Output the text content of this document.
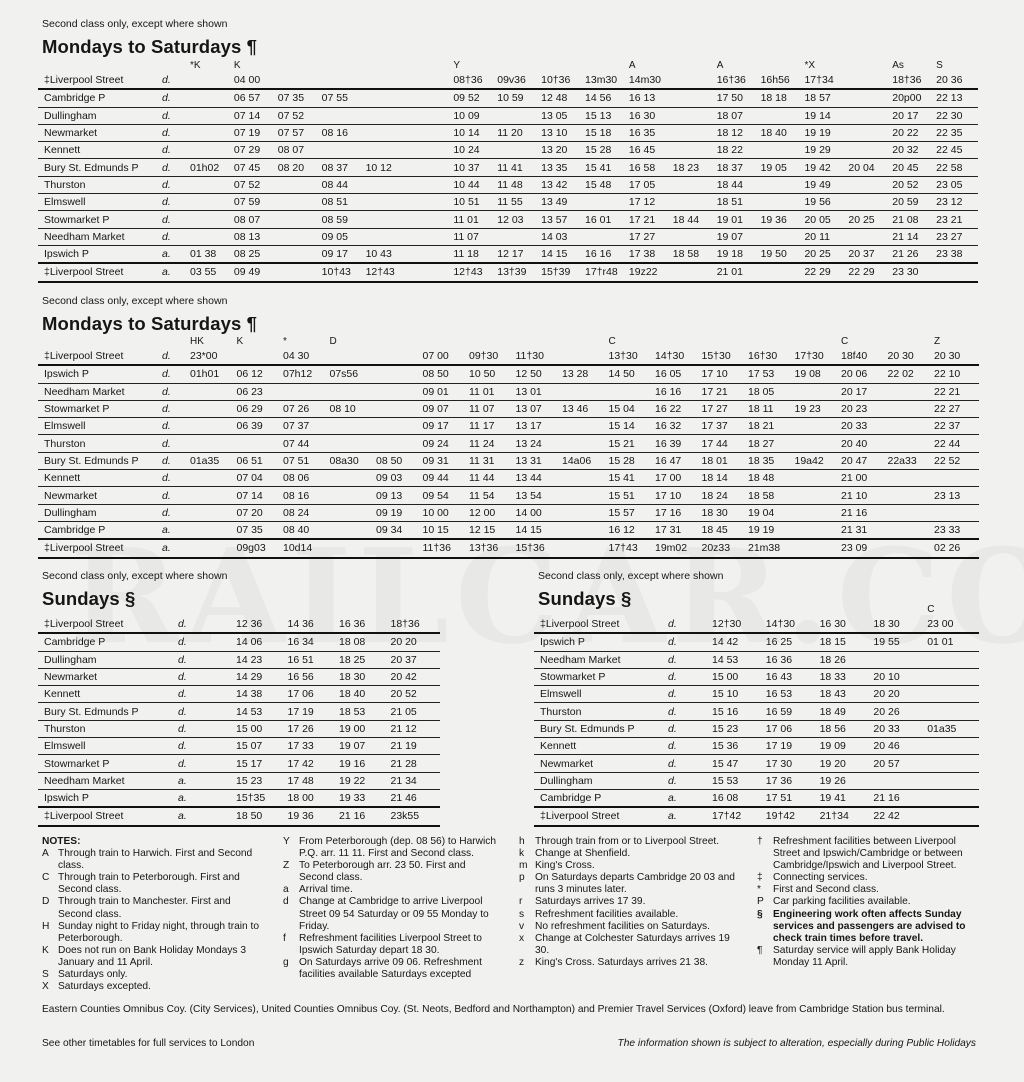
Second class only, except where shown
Mondays to Saturdays ¶
		*K	K					Y				A		A		*X		As	S
‡Liverpool Street	d.		04 00					08†36	09v36	10†36	13m30	14m30		16†36	16h56	17†34		18†36	20 36
Cambridge P	d.		06 57	07 35	07 55			09 52	10 59	12 48	14 56	16 13		17 50	18 18	18 57		20p00	22 13
Dullingham	d.		07 14	07 52				10 09		13 05	15 13	16 30		18 07		19 14		20 17	22 30
Newmarket	d.		07 19	07 57	08 16			10 14	11 20	13 10	15 18	16 35		18 12	18 40	19 19		20 22	22 35
Kennett	d.		07 29	08 07				10 24		13 20	15 28	16 45		18 22		19 29		20 32	22 45
Bury St. Edmunds P	d.	01h02	07 45	08 20	08 37	10 12		10 37	11 41	13 35	15 41	16 58	18 23	18 37	19 05	19 42	20 04	20 45	22 58
Thurston	d.		07 52		08 44			10 44	11 48	13 42	15 48	17 05		18 44		19 49		20 52	23 05
Elmswell	d.		07 59		08 51			10 51	11 55	13 49		17 12		18 51		19 56		20 59	23 12
Stowmarket P	d.		08 07		08 59			11 01	12 03	13 57	16 01	17 21	18 44	19 01	19 36	20 05	20 25	21 08	23 21
Needham Market	d.		08 13		09 05			11 07		14 03		17 27		19 07		20 11		21 14	23 27
Ipswich P	a.	01 38	08 25		09 17	10 43		11 18	12 17	14 15	16 16	17 38	18 58	19 18	19 50	20 25	20 37	21 26	23 38
‡Liverpool Street	a.	03 55	09 49		10†43	12†43		12†43	13†39	15†39	17†r48	19z22		21 01		22 29	22 29	23 30	
Second class only, except where shown
Mondays to Saturdays ¶
		HK	K	*	D						C					C		Z
‡Liverpool Street	d.	23*00		04 30			07 00	09†30	11†30		13†30	14†30	15†30	16†30	17†30	18f40	20 30	20 30
Ipswich P	d.	01h01	06 12	07h12	07s56		08 50	10 50	12 50	13 28	14 50	16 05	17 10	17 53	19 08	20 06	22 02	22 10
Needham Market	d.		06 23				09 01	11 01	13 01			16 16	17 21	18 05		20 17		22 21
Stowmarket P	d.		06 29	07 26	08 10		09 07	11 07	13 07	13 46	15 04	16 22	17 27	18 11	19 23	20 23		22 27
Elmswell	d.		06 39	07 37			09 17	11 17	13 17		15 14	16 32	17 37	18 21		20 33		22 37
Thurston	d.			07 44			09 24	11 24	13 24		15 21	16 39	17 44	18 27		20 40		22 44
Bury St. Edmunds P	d.	01a35	06 51	07 51	08a30	08 50	09 31	11 31	13 31	14a06	15 28	16 47	18 01	18 35	19a42	20 47	22a33	22 52
Kennett	d.		07 04	08 06		09 03	09 44	11 44	13 44		15 41	17 00	18 14	18 48		21 00		
Newmarket	d.		07 14	08 16		09 13	09 54	11 54	13 54		15 51	17 10	18 24	18 58		21 10		23 13
Dullingham	d.		07 20	08 24		09 19	10 00	12 00	14 00		15 57	17 16	18 30	19 04		21 16		
Cambridge P	a.		07 35	08 40		09 34	10 15	12 15	14 15		16 12	17 31	18 45	19 19		21 31		23 33
‡Liverpool Street	a.		09g03	10d14			11†36	13†36	15†36		17†43	19m02	20z33	21m38		23 09		02 26
Second class only, except where shown
Sundays §
‡Liverpool Street	d.	12 36	14 36	16 36	18†36
Cambridge P	d.	14 06	16 34	18 08	20 20
Dullingham	d.	14 23	16 51	18 25	20 37
Newmarket	d.	14 29	16 56	18 30	20 42
Kennett	d.	14 38	17 06	18 40	20 52
Bury St. Edmunds P	d.	14 53	17 19	18 53	21 05
Thurston	d.	15 00	17 26	19 00	21 12
Elmswell	d.	15 07	17 33	19 07	21 19
Stowmarket P	d.	15 17	17 42	19 16	21 28
Needham Market	a.	15 23	17 48	19 22	21 34
Ipswich P	a.	15†35	18 00	19 33	21 46
‡Liverpool Street	a.	18 50	19 36	21 16	23k55
Second class only, except where shown
Sundays §
							C
‡Liverpool Street	d.	12†30	14†30	16 30	18 30	23 00
Ipswich P	d.	14 42	16 25	18 15	19 55	01 01
Needham Market	d.	14 53	16 36	18 26		
Stowmarket P	d.	15 00	16 43	18 33	20 10	
Elmswell	d.	15 10	16 53	18 43	20 20	
Thurston	d.	15 16	16 59	18 49	20 26	
Bury St. Edmunds P	d.	15 23	17 06	18 56	20 33	01a35
Kennett	d.	15 36	17 19	19 09	20 46	
Newmarket	d.	15 47	17 30	19 20	20 57	
Dullingham	d.	15 53	17 36	19 26		
Cambridge P	a.	16 08	17 51	19 41	21 16	
‡Liverpool Street	a.	17†42	19†42	21†34	22 42	
NOTES:
A Through train to Harwich. First and Second class.
C Through train to Peterborough. First and Second class.
D Through train to Manchester. First and Second class.
H Sunday night to Friday night, through train to Peterborough.
K Does not run on Bank Holiday Mondays 3 January and 11 April.
S Saturdays only.
X Saturdays excepted.
Y From Peterborough (dep. 08 56) to Harwich P.Q. arr. 11 11. First and Second class.
Z To Peterborough arr. 23 50. First and Second class.
a	Arrival time.
d	Change at Cambridge to arrive Liverpool Street 09 54 Saturday or 09 55 Monday to Friday.
f	Refreshment facilities Liverpool Street to Ipswich Saturday depart 18 30.
g	On Saturdays arrive 09 06. Refreshment facilities available Saturdays excepted
h	Through train from or to Liverpool Street.
k	Change at Shenfield.
m King's Cross.
p	On Saturdays departs Cambridge 20 03 and runs 3 minutes later.
r	Saturdays arrives 17 39.
s	Refreshment facilities available.
v	No refreshment facilities on Saturdays.
x	Change at Colchester Saturdays arrives 19 30.
z	King's Cross. Saturdays arrives 21 38.
†	Refreshment facilities between Liverpool Street and Ipswich/Cambridge or between Cambridge/Ipswich and Liverpool Street.
‡	Connecting services.
*	First and Second class.
P Car parking facilities available.
§	Engineering work often affects Sunday services and passengers are advised to check train times before travel.
¶	Saturday service will apply Bank Holiday Monday 11 April.
Eastern Counties Omnibus Coy. (City Services), United Counties Omnibus Coy. (St. Neots, Bedford and Northampton) and Premier Travel Services (Oxford) leave from Cambridge Station bus terminal.
See other timetables for full services to London	The information shown is subject to alteration, especially during Public Holidays
